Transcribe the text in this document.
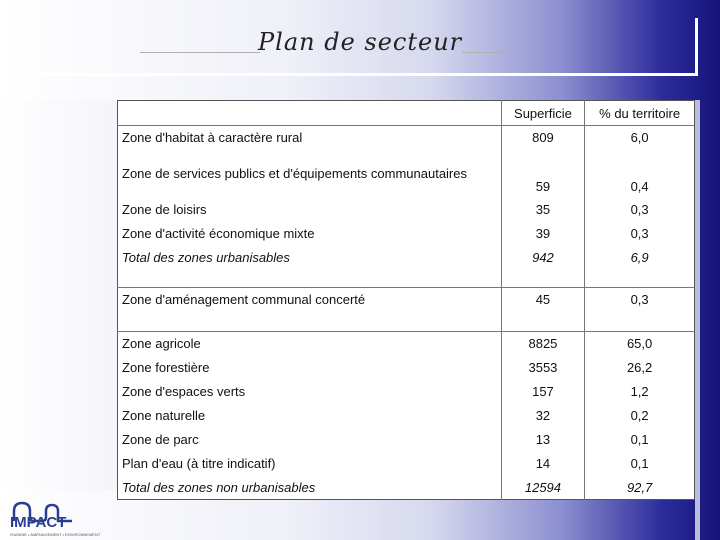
Plan de secteur
	Superficie	% du territoire
Zone d'habitat à caractère rural	809	6,0
Zone de services publics et d'équipements communautaires	59	0,4
Zone de loisirs	35	0,3
Zone d'activité économique mixte	39	0,3
Total des zones urbanisables	942	6,9

Zone d'aménagement communal concerté	45	0,3

Zone agricole	8825	65,0
Zone forestière	3553	26,2
Zone d'espaces verts	157	1,2
Zone naturelle	32	0,2
Zone de parc	13	0,1
Plan d'eau (à titre indicatif)	14	0,1
Total des zones non urbanisables	12594	92,7
IMPACT
ISIASINE • AMÉNAGEMENT • ENVIRONNEMENT
